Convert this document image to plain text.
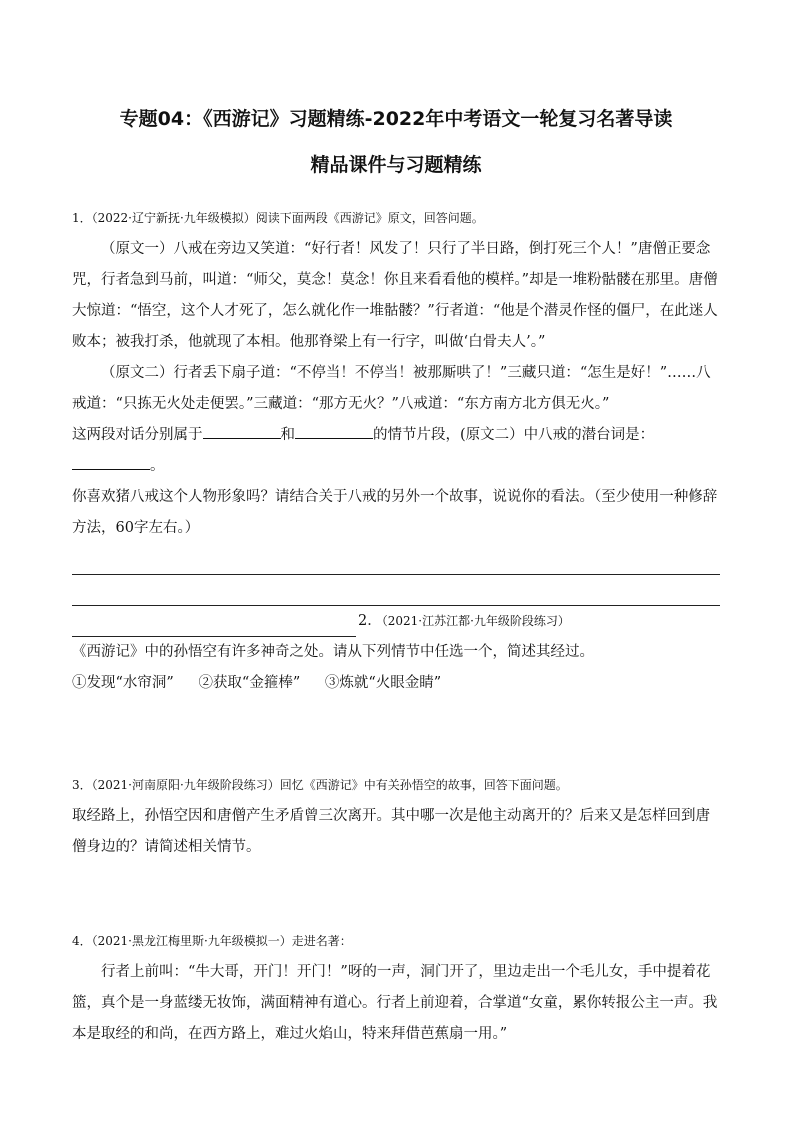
专题04：《西游记》习题精练-2022年中考语文一轮复习名著导读
精品课件与习题精练
1．（2022·辽宁新抚·九年级模拟）阅读下面两段《西游记》原文，回答问题。

（原文一）八戒在旁边又笑道：“好行者！风发了！只行了半日路，倒打死三个人！”唐僧正要念咒，行者急到马前，叫道：“师父，莫念！莫念！你且来看看他的模样。”却是一堆粉骷髅在那里。唐僧大惊道：“悟空，这个人才死了，怎么就化作一堆骷髅？”行者道：“他是个潜灵作怪的僵尸，在此迷人败本；被我打杀，他就现了本相。他那脊梁上有一行字，叫做‘白骨夫人’。”

（原文二）行者丢下扇子道：“不停当！不停当！被那厮哄了！”三藏只道：“怎生是好！”……八戒道：“只拣无火处走便罢。”三藏道：“那方无火？”八戒道：“东方南方北方俱无火。”

这两段对话分别属于	和	的情节片段，(原文二）中八戒的潜台词是：。

你喜欢猪八戒这个人物形象吗？请结合关于八戒的另外一个故事，说说你的看法。（至少使用一种修辞方法，60字左右。）

2．（2021·江苏江都·九年级阶段练习）

《西游记》中的孙悟空有许多神奇之处。请从下列情节中任选一个，简述其经过。

①发现“水帘洞” ②获取“金箍棒” ③炼就“火眼金睛”
3．（2021·河南原阳·九年级阶段练习）回忆《西游记》中有关孙悟空的故事，回答下面问题。

取经路上，孙悟空因和唐僧产生矛盾曾三次离开。其中哪一次是他主动离开的？后来又是怎样回到唐僧身边的？请简述相关情节。

4．（2021·黑龙江梅里斯·九年级模拟一）走进名著：

行者上前叫：“牛大哥，开门！开门！”呀的一声，洞门开了，里边走出一个毛儿女，手中提着花篮，真个是一身蓝缕无妆饰，满面精神有道心。行者上前迎着，合掌道“女童，累你转报公主一声。我本是取经的和尚，在西方路上，难过火焰山，特来拜借芭蕉扇一用。”
